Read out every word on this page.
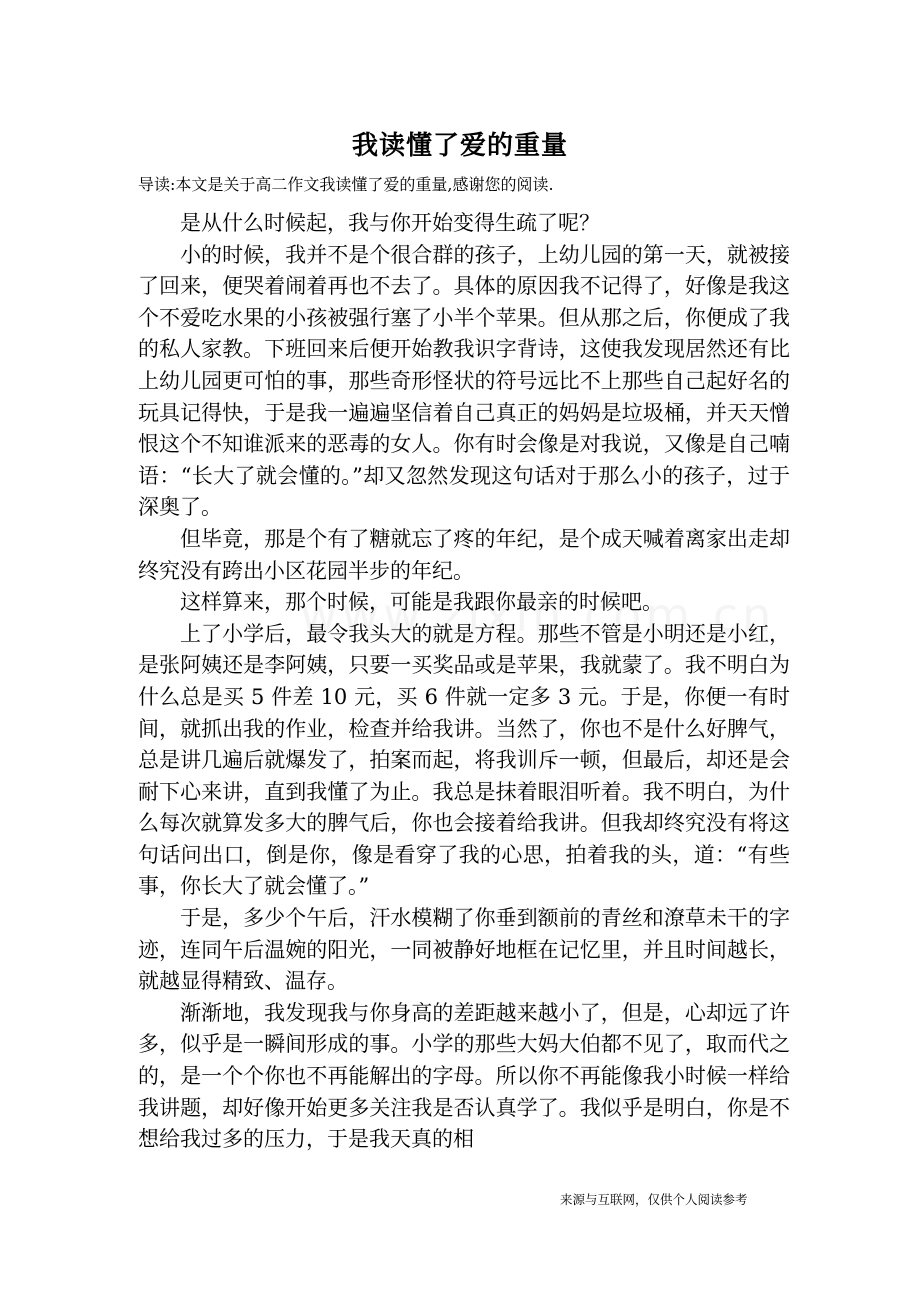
我读懂了爱的重量
导读:本文是关于高二作文我读懂了爱的重量,感谢您的阅读.

是从什么时候起，我与你开始变得生疏了呢？

小的时候，我并不是个很合群的孩子，上幼儿园的第一天，就被接了回来，便哭着闹着再也不去了。具体的原因我不记得了，好像是我这个不爱吃水果的小孩被强行塞了小半个苹果。但从那之后，你便成了我的私人家教。下班回来后便开始教我识字背诗，这使我发现居然还有比上幼儿园更可怕的事，那些奇形怪状的符号远比不上那些自己起好名的玩具记得快，于是我一遍遍坚信着自己真正的妈妈是垃圾桶，并天天憎恨这个不知谁派来的恶毒的女人。你有时会像是对我说，又像是自己喃语：“长大了就会懂的。”却又忽然发现这句话对于那么小的孩子，过于深奥了。

但毕竟，那是个有了糖就忘了疼的年纪，是个成天喊着离家出走却终究没有跨出小区花园半步的年纪。

这样算来，那个时候，可能是我跟你最亲的时候吧。

上了小学后，最令我头大的就是方程。那些不管是小明还是小红，是张阿姨还是李阿姨，只要一买奖品或是苹果，我就蒙了。我不明白为什么总是买 5 件差 10 元，买 6 件就一定多 3 元。于是，你便一有时间，就抓出我的作业，检查并给我讲。当然了，你也不是什么好脾气，总是讲几遍后就爆发了，拍案而起，将我训斥一顿，但最后，却还是会耐下心来讲，直到我懂了为止。我总是抹着眼泪听着。我不明白，为什么每次就算发多大的脾气后，你也会接着给我讲。但我却终究没有将这句话问出口，倒是你，像是看穿了我的心思，拍着我的头，道：“有些事，你长大了就会懂了。”

于是，多少个午后，汗水模糊了你垂到额前的青丝和潦草未干的字迹，连同午后温婉的阳光，一同被静好地框在记忆里，并且时间越长，就越显得精致、温存。

渐渐地，我发现我与你身高的差距越来越小了，但是，心却远了许多，似乎是一瞬间形成的事。小学的那些大妈大伯都不见了，取而代之的，是一个个你也不再能解出的字母。所以你不再能像我小时候一样给我讲题，却好像开始更多关注我是否认真学了。我似乎是明白，你是不想给我过多的压力，于是我天真的相

来源与互联网，仅供个人阅读参考
